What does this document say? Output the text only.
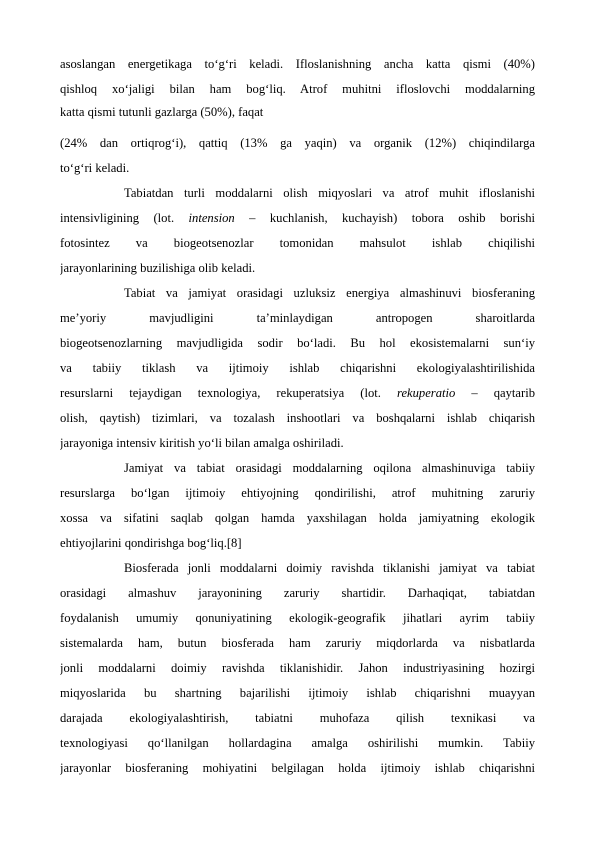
asoslangan energetikaga to‘g‘ri keladi. Ifloslanishning ancha katta qismi (40%)
qishloq xo‘jaligi bilan ham bog‘liq. Atrof muhitni ifloslovchi moddalarning
katta qismi tutunli gazlarga (50%), faqat
(24% dan ortiqrog‘i), qattiq (13% ga yaqin) va organik (12%) chiqindilarga
to‘g‘ri keladi.
Tabiatdan turli moddalarni olish miqyoslari va atrof muhit ifloslanishi
intensivligining (lot. intension – kuchlanish, kuchayish) tobora oshib borishi
fotosintez va biogeotsenozlar tomonidan mahsulot ishlab chiqilishi
jarayonlarining buzilishiga olib keladi.
Tabiat va jamiyat orasidagi uzluksiz energiya almashinuvi biosferaning
me’yoriy mavjudligini ta’minlaydigan antropogen sharoitlarda
biogeotsenozlarning mavjudligida sodir bo‘ladi. Bu hol ekosistemalarni sun‘iy
va tabiiy tiklash va ijtimoiy ishlab chiqarishni ekologiyalashtirilishida
resurslarni tejaydigan texnologiya, rekuperatsiya (lot. rekuperatio – qaytarib
olish, qaytish) tizimlari, va tozalash inshootlari va boshqalarni ishlab chiqarish
jarayoniga intensiv kiritish yo‘li bilan amalga oshiriladi.
Jamiyat va tabiat orasidagi moddalarning oqilona almashinuviga tabiiy
resurslarga bo‘lgan ijtimoiy ehtiyojning qondirilishi, atrof muhitning zaruriy
xossa va sifatini saqlab qolgan hamda yaxshilagan holda jamiyatning ekologik
ehtiyojlarini qondirishga bog‘liq.[8]
Biosferada jonli moddalarni doimiy ravishda tiklanishi jamiyat va tabiat
orasidagi almashuv jarayonining zaruriy shartidir. Darhaqiqat, tabiatdan
foydalanish umumiy qonuniyatining ekologik-geografik jihatlari ayrim tabiiy
sistemalarda ham, butun biosferada ham zaruriy miqdorlarda va nisbatlarda
jonli moddalarni doimiy ravishda tiklanishidir. Jahon industriyasining hozirgi
miqyoslarida bu shartning bajarilishi ijtimoiy ishlab chiqarishni muayyan
darajada ekologiyalashtirish, tabiatni muhofaza qilish texnikasi va
texnologiyasi qo‘llanilgan hollardagina amalga oshirilishi mumkin. Tabiiy
jarayonlar biosferaning mohiyatini belgilagan holda ijtimoiy ishlab chiqarishni
